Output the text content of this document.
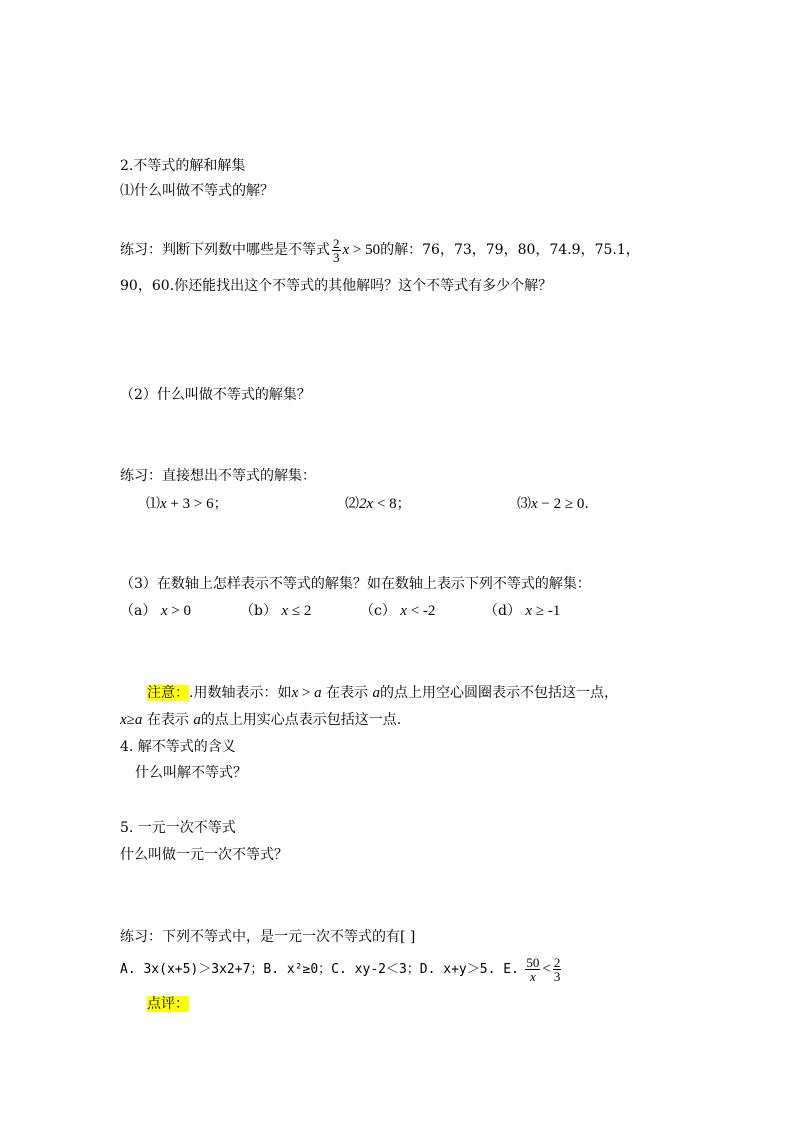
2.不等式的解和解集
⑴什么叫做不等式的解？
练习：判断下列数中哪些是不等式 $\frac{2}{3}$ x > 50的解：76，73，79，80，74.9，75.1，
90，60.你还能找出这个不等式的其他解吗？这个不等式有多少个解？
（2）什么叫做不等式的解集？
练习：直接想出不等式的解集：
⑴x + 3 > 6；	⑵2x < 8；	⑶x − 2 ≥ 0.
（3）在数轴上怎样表示不等式的解集？如在数轴上表示下列不等式的解集：
（a） x > 0	（b） x ≤ 2	（c） x < -2	（d） x ≥ -1
注意：.用数轴表示：如x > a 在表示 a的点上用空心圆圈表示不包括这一点，
x≥a 在表示 a的点上用实心点表示包括这一点.
4. 解不等式的含义
什么叫解不等式？
5. 一元一次不等式
什么叫做一元一次不等式？
练习：下列不等式中，是一元一次不等式的有[ ]
A. 3x(x+5)＞3x2+7；B. x²≥0；C. xy-2＜3；D. x+y＞5. E. $\frac{50}{x} < \frac{2}{3}$
点评：
